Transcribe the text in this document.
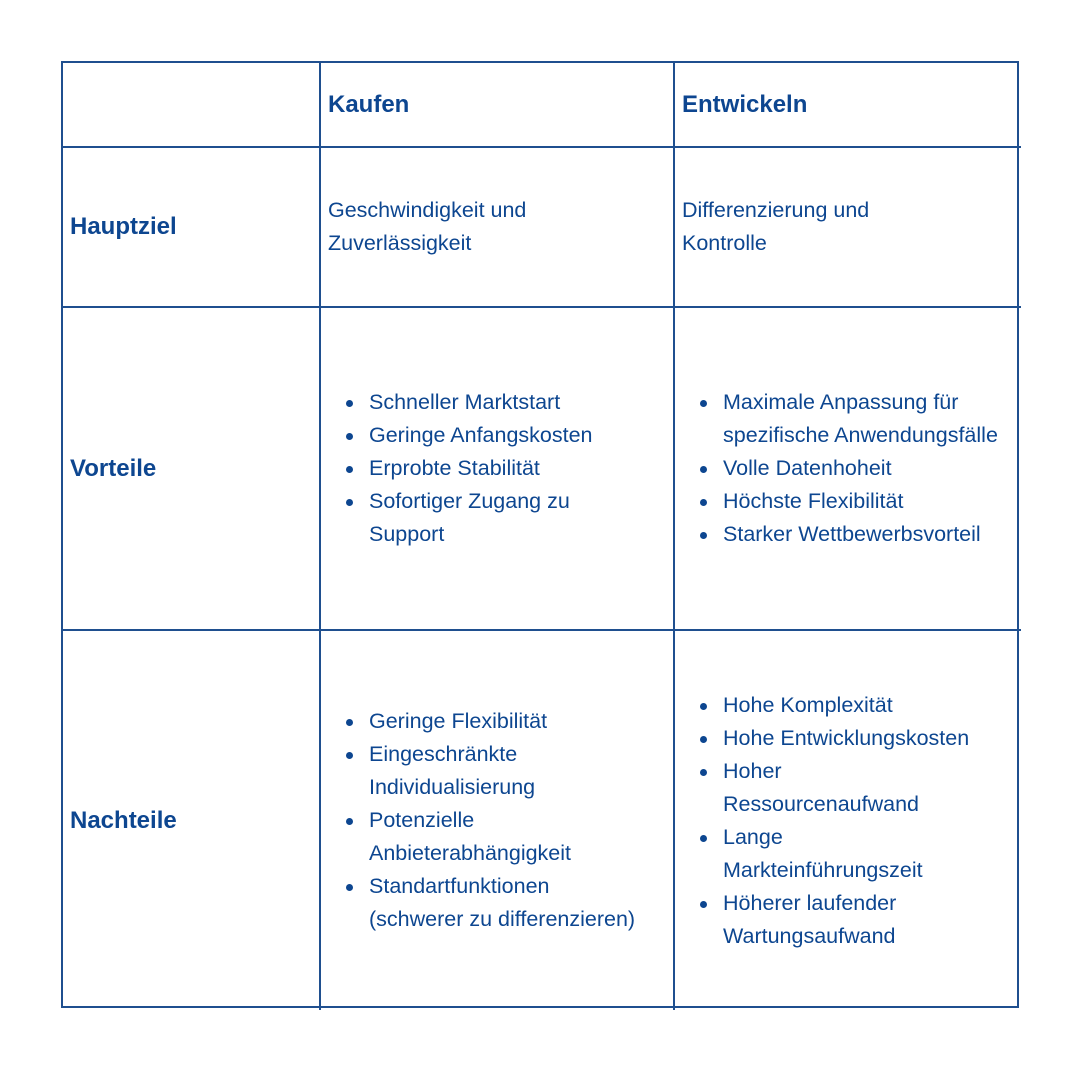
Kaufen	Entwickeln
Hauptziel
Geschwindigkeit und Zuverlässigkeit
Differenzierung und Kontrolle
Vorteile
Schneller Marktstart
Geringe Anfangskosten
Erprobte Stabilität
Sofortiger Zugang zu Support
Maximale Anpassung für spezifische Anwendungsfälle
Volle Datenhoheit
Höchste Flexibilität
Starker Wettbewerbsvorteil
Nachteile
Geringe Flexibilität
Eingeschränkte Individualisierung
Potenzielle Anbieterabhängigkeit
Standartfunktionen (schwerer zu differenzieren)
Hohe Komplexität
Hohe Entwicklungskosten
Hoher Ressourcenaufwand
Lange Markteinführungszeit
Höherer laufender Wartungsaufwand
